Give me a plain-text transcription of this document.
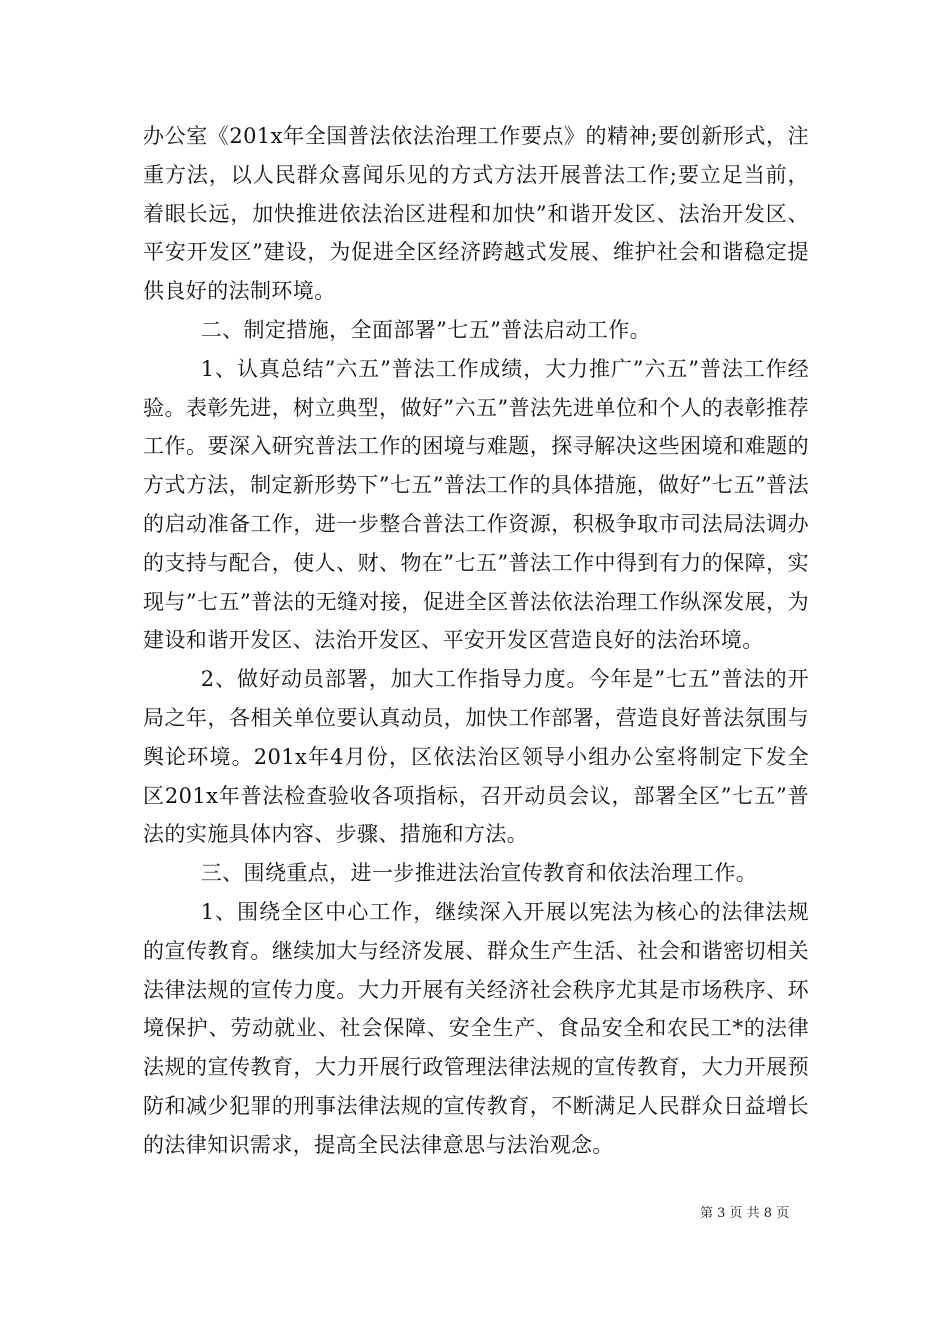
办公室《201x年全国普法依法治理工作要点》的精神;要创新形式，注重方法，以人民群众喜闻乐见的方式方法开展普法工作;要立足当前，着眼长远，加快推进依法治区进程和加快”和谐开发区、法治开发区、平安开发区”建设，为促进全区经济跨越式发展、维护社会和谐稳定提供良好的法制环境。

二、制定措施，全面部署”七五”普法启动工作。

1、认真总结”六五”普法工作成绩，大力推广”六五”普法工作经验。表彰先进，树立典型，做好”六五”普法先进单位和个人的表彰推荐工作。要深入研究普法工作的困境与难题，探寻解决这些困境和难题的方式方法，制定新形势下”七五”普法工作的具体措施，做好”七五”普法的启动准备工作，进一步整合普法工作资源，积极争取市司法局法调办的支持与配合，使人、财、物在”七五”普法工作中得到有力的保障，实现与”七五”普法的无缝对接，促进全区普法依法治理工作纵深发展，为建设和谐开发区、法治开发区、平安开发区营造良好的法治环境。

2、做好动员部署，加大工作指导力度。今年是”七五”普法的开局之年，各相关单位要认真动员，加快工作部署，营造良好普法氛围与舆论环境。201x年4月份，区依法治区领导小组办公室将制定下发全区201x年普法检查验收各项指标，召开动员会议，部署全区”七五”普法的实施具体内容、步骤、措施和方法。

三、围绕重点，进一步推进法治宣传教育和依法治理工作。

1、围绕全区中心工作，继续深入开展以宪法为核心的法律法规的宣传教育。继续加大与经济发展、群众生产生活、社会和谐密切相关法律法规的宣传力度。大力开展有关经济社会秩序尤其是市场秩序、环境保护、劳动就业、社会保障、安全生产、食品安全和农民工*的法律法规的宣传教育，大力开展行政管理法律法规的宣传教育，大力开展预防和减少犯罪的刑事法律法规的宣传教育，不断满足人民群众日益增长的法律知识需求，提高全民法律意思与法治观念。

第 3 页 共 8 页
